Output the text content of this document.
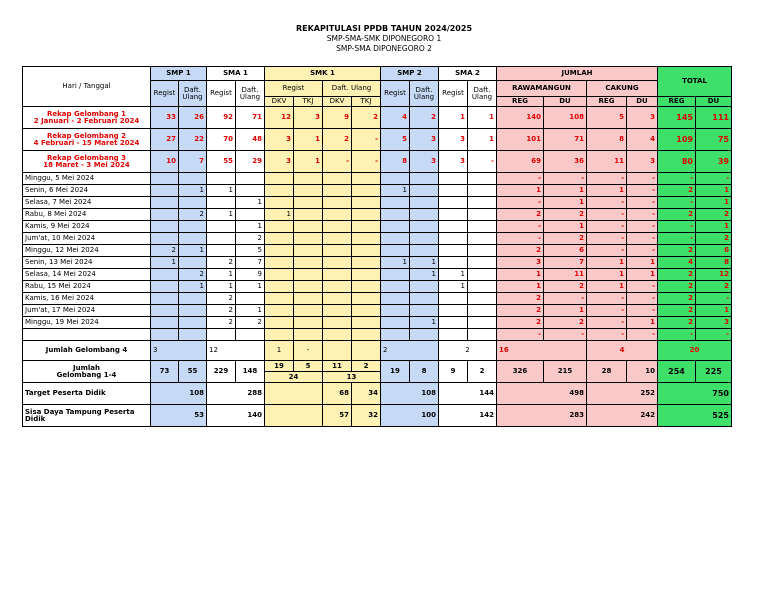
REKAPITULASI PPDB TAHUN 2024/2025
SMP-SMA-SMK DIPONEGORO 1
SMP-SMA DIPONEGORO 2
Hari / Tanggal	SMP 1		SMA 1		SMK 1				SMP 2		SMA 2		JUMLAH				TOTAL	
	Regist	Daft. Ulang	Regist	Daft. Ulang	Regist		Daft. Ulang		Regist	Daft. Ulang	Regist	Daft. Ulang	RAWAMANGUN		CAKUNG			
					DKV	TKJ	DKV	TKJ					REG	DU	REG	DU	REG	DU
Rekap Gelombang 1
2 Januari - 2 Februari 2024	33	26	92	71	12	3	9	2	4	2	1	1	140	108	5	3	145	111
Rekap Gelombang 2
4 Februari - 15 Maret 2024	27	22	70	48	3	1	2	-	5	3	3	1	101	71	8	4	109	75
Rekap Gelombang 3
18 Maret - 3 Mei 2024	10	7	55	29	3	1	-	-	8	3	3	-	69	36	11	3	80	39
Minggu, 5 Mei 2024													-	-	-	-	-	-
Senin, 6 Mei 2024		1	1						1				1	1	1	-	2	1
Selasa, 7 Mei 2024				1									-	1	-	-	-	1
Rabu, 8 Mei 2024		2	1		1								2	2	-	-	2	2
Kamis, 9 Mei 2024				1									-	1	-	-	-	1
Jum'at, 10 Mei 2024				2									-	2	-	-	-	2
Minggu, 12 Mei 2024	2	1		5									2	6	-	-	2	6
Senin, 13 Mei 2024	1		2	7					1	1			3	7	1	1	4	8
Selasa, 14 Mei 2024		2	1	9						1	1		1	11	1	1	2	12
Rabu, 15 Mei 2024		1	1	1							1		1	2	1	-	2	2
Kamis, 16 Mei 2024			2										2	-	-	-	2	-
Jum'at, 17 Mei 2024			2	1									2	1	-	-	2	1
Minggu, 19 Mei 2024			2	2						1			2	2	-	1	2	3
													-	-	-	-	-	-
Jumlah Gelombang 4	3		12		1	-			2		2		16		4		20	
Jumlah
Gelombang 1-4	73	55	229	148	19	5	11	2	19	8	9	2	326	215	28	10	254	225
					24		13											
Target Peserta Didik	108		288				68	34	108		144		498		252		750	
Sisa Daya Tampung Peserta
Didik	53		140				57	32	100		142		283		242		525	
